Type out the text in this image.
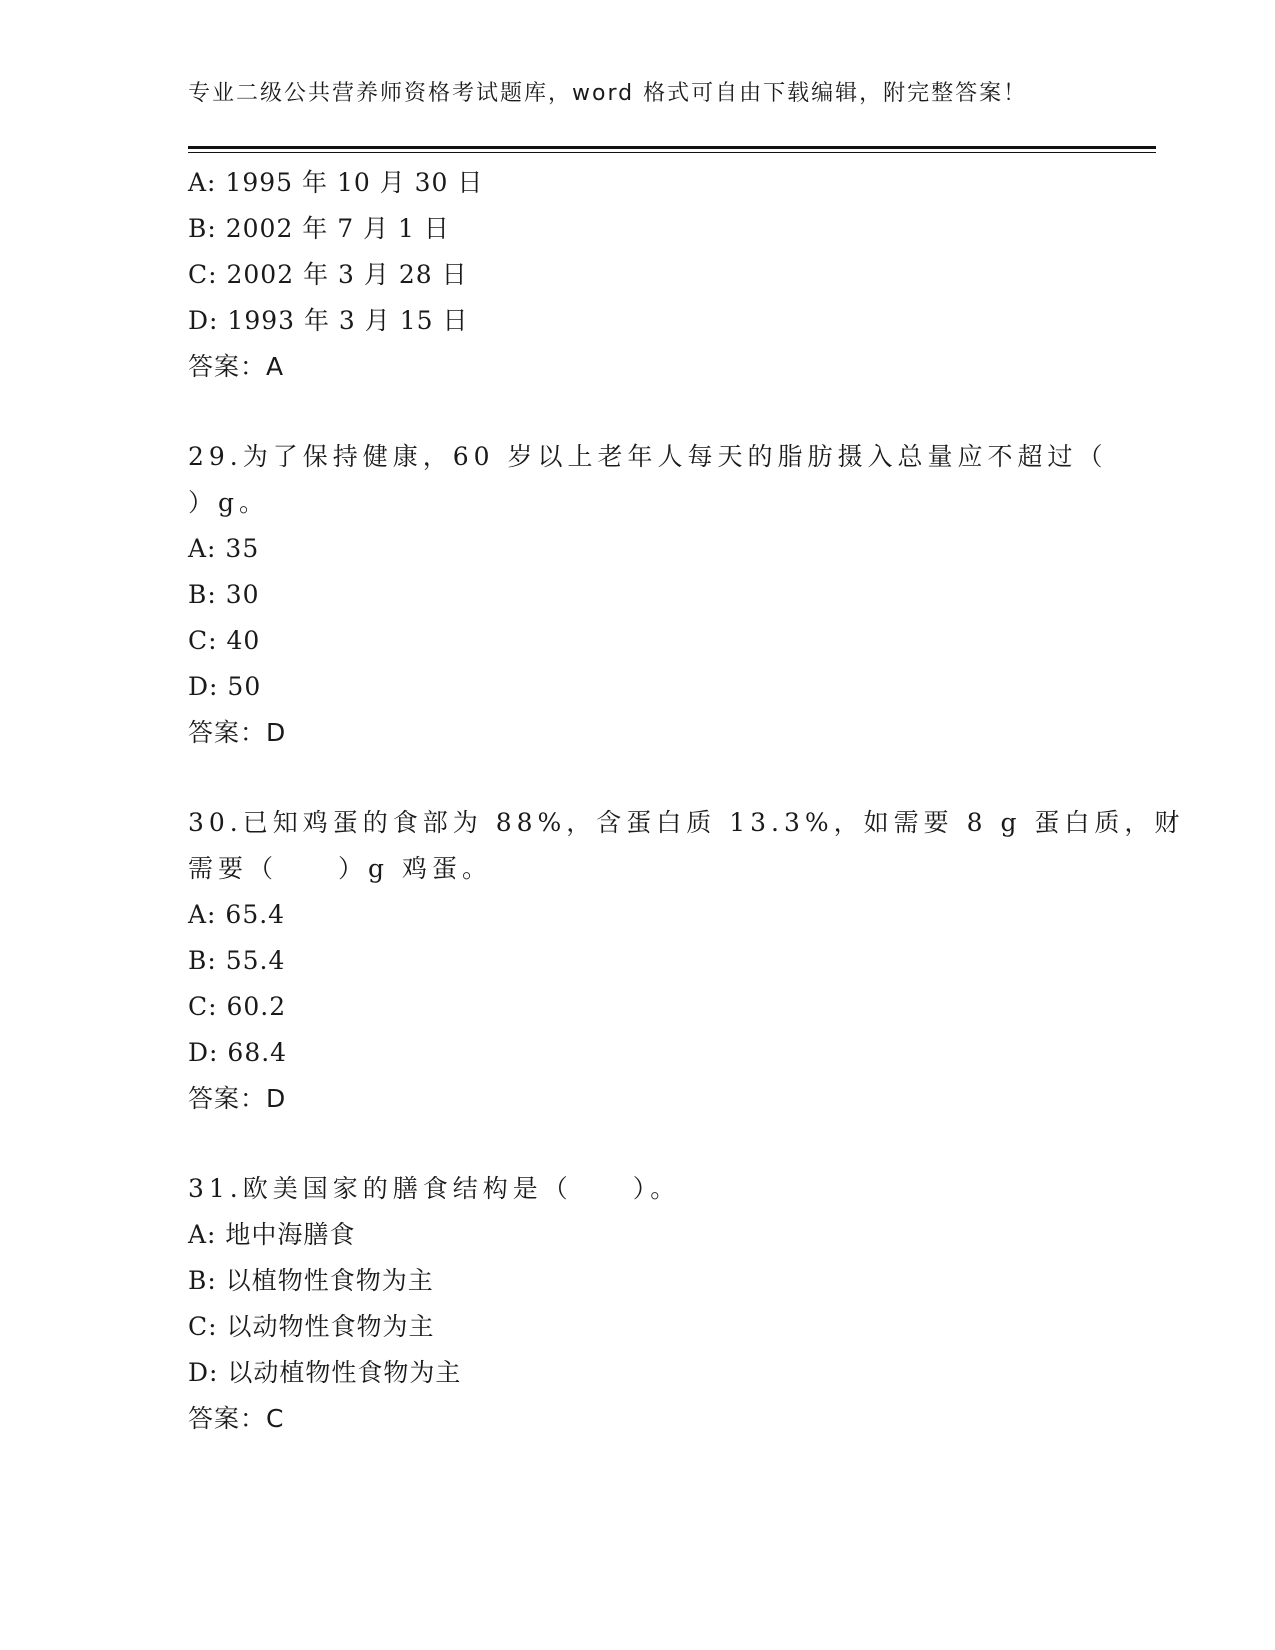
专业二级公共营养师资格考试题库，word 格式可自由下载编辑，附完整答案！
A: 1995 年 10 月 30 日
B: 2002 年 7 月 1 日
C: 2002 年 3 月 28 日
D: 1993 年 3 月 15 日
答案：A
29.为了保持健康，60 岁以上老年人每天的脂肪摄入总量应不超过（
）g。
A: 35
B: 30
C: 40
D: 50
答案：D
30.已知鸡蛋的食部为 88%，含蛋白质 13.3%，如需要 8 g 蛋白质，财
需要（　　）g 鸡蛋。
A: 65.4
B: 55.4
C: 60.2
D: 68.4
答案：D
31.欧美国家的膳食结构是（　　）。
A: 地中海膳食
B: 以植物性食物为主
C: 以动物性食物为主
D: 以动植物性食物为主
答案：C
